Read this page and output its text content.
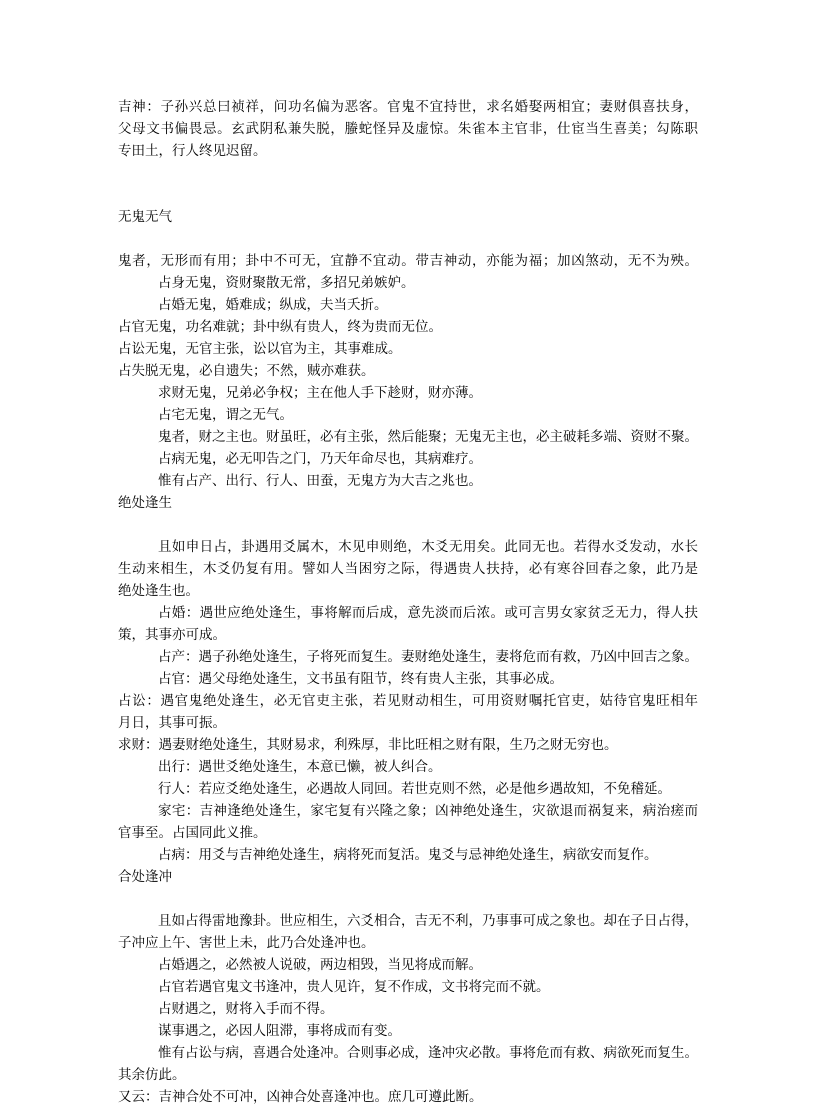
吉神：子孙兴总曰祯祥，问功名偏为恶客。官鬼不宜持世，求名婚娶两相宜；妻财俱喜扶身，
父母文书偏畏忌。玄武阴私兼失脱，螣蛇怪异及虚惊。朱雀本主官非，仕宦当生喜美；勾陈职
专田土，行人终见迟留。
无鬼无气
鬼者，无形而有用；卦中不可无，宜静不宜动。带吉神动，亦能为福；加凶煞动，无不为殃。
占身无鬼，资财聚散无常，多招兄弟嫉妒。
占婚无鬼，婚难成；纵成，夫当夭折。
占官无鬼，功名难就；卦中纵有贵人，终为贵而无位。
占讼无鬼，无官主张，讼以官为主，其事难成。
占失脱无鬼，必自遗失；不然，贼亦难获。
求财无鬼，兄弟必争权；主在他人手下趁财，财亦薄。
占宅无鬼，谓之无气。
鬼者，财之主也。财虽旺，必有主张，然后能聚；无鬼无主也，必主破耗多端、资财不聚。
占病无鬼，必无叩告之门，乃天年命尽也，其病难疗。
惟有占产、出行、行人、田蚕，无鬼方为大吉之兆也。
绝处逢生
且如申日占，卦遇用爻属木，木见申则绝，木爻无用矣。此同无也。若得水爻发动，水长
生动来相生，木爻仍复有用。譬如人当困穷之际，得遇贵人扶持，必有寒谷回春之象，此乃是
绝处逢生也。
占婚：遇世应绝处逢生，事将解而后成，意先淡而后浓。或可言男女家贫乏无力，得人扶
策，其事亦可成。
占产：遇子孙绝处逢生，子将死而复生。妻财绝处逢生，妻将危而有救，乃凶中回吉之象。
占官：遇父母绝处逢生，文书虽有阻节，终有贵人主张，其事必成。
占讼：遇官鬼绝处逢生，必无官吏主张，若见财动相生，可用资财嘱托官吏，姑待官鬼旺相年
月日，其事可振。
求财：遇妻财绝处逢生，其财易求，利殊厚，非比旺相之财有限，生乃之财无穷也。
出行：遇世爻绝处逢生，本意已懒，被人纠合。
行人：若应爻绝处逢生，必遇故人同回。若世克则不然，必是他乡遇故知，不免稽延。
家宅：吉神逢绝处逢生，家宅复有兴隆之象；凶神绝处逢生，灾欲退而祸复来，病治瘥而
官事至。占国同此义推。
占病：用爻与吉神绝处逢生，病将死而复活。鬼爻与忌神绝处逢生，病欲安而复作。
合处逢冲
且如占得雷地豫卦。世应相生，六爻相合，吉无不利，乃事事可成之象也。却在子日占得，
子冲应上午、害世上未，此乃合处逢冲也。
占婚遇之，必然被人说破，两边相毁，当见将成而解。
占官若遇官鬼文书逢冲，贵人见许，复不作成，文书将完而不就。
占财遇之，财将入手而不得。
谋事遇之，必因人阻滞，事将成而有变。
惟有占讼与病，喜遇合处逢冲。合则事必成，逢冲灾必散。事将危而有救、病欲死而复生。
其余仿此。
又云：吉神合处不可冲，凶神合处喜逢冲也。庶几可遵此断。
